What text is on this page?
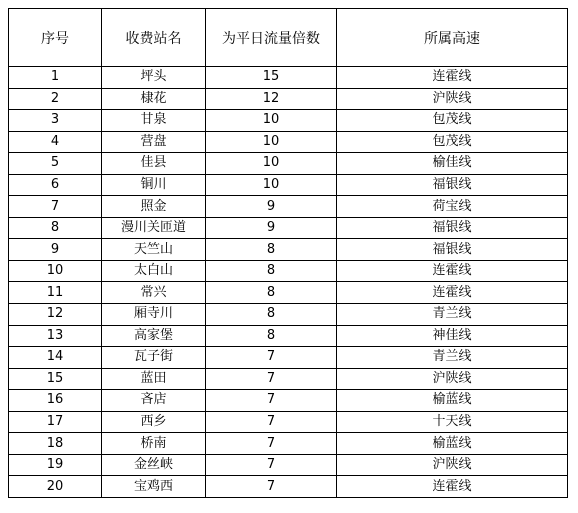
序号	收费站名	为平日流量倍数	所属高速
1	坪头	15	连霍线
2	棣花	12	沪陕线
3	甘泉	10	包茂线
4	营盘	10	包茂线
5	佳县	10	榆佳线
6	铜川	10	福银线
7	照金	9	荷宝线
8	漫川关匝道	9	福银线
9	天竺山	8	福银线
10	太白山	8	连霍线
11	常兴	8	连霍线
12	厢寺川	8	青兰线
13	高家堡	8	神佳线
14	瓦子街	7	青兰线
15	蓝田	7	沪陕线
16	吝店	7	榆蓝线
17	西乡	7	十天线
18	桥南	7	榆蓝线
19	金丝峡	7	沪陕线
20	宝鸡西	7	连霍线
